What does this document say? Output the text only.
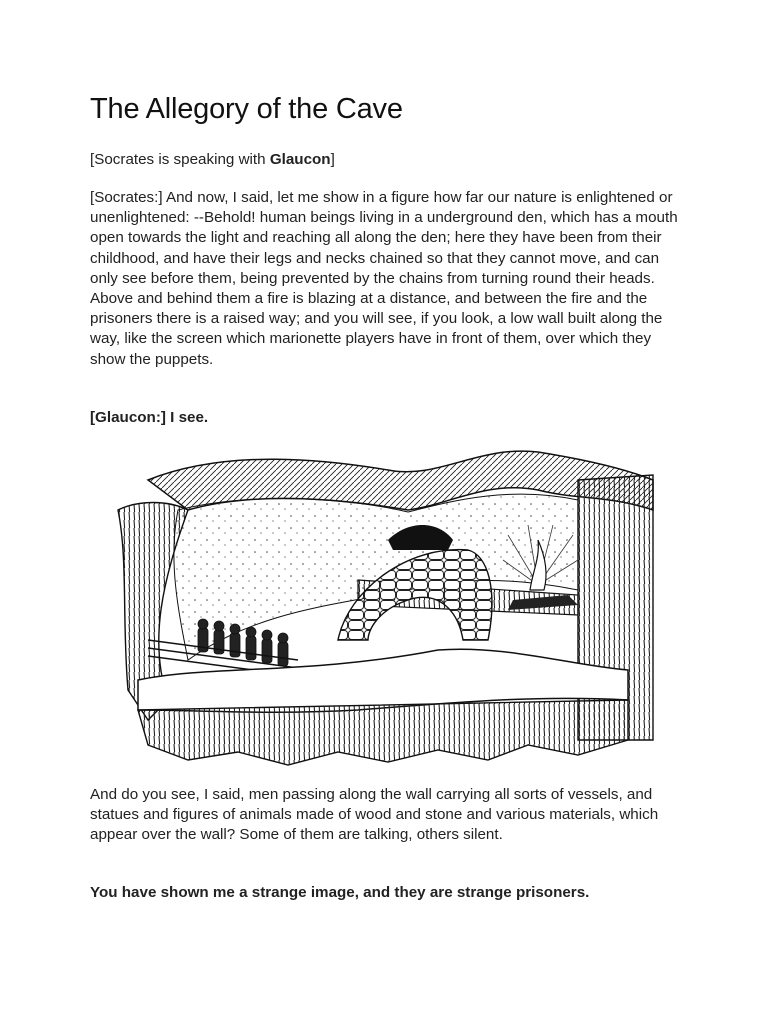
The Allegory of the Cave

[Socrates is speaking with Glaucon]

[Socrates:] And now, I said, let me show in a figure how far our nature is enlightened or unenlightened: --Behold! human beings living in a underground den, which has a mouth open towards the light and reaching all along the den; here they have been from their childhood, and have their legs and necks chained so that they cannot move, and can only see before them, being prevented by the chains from turning round their heads. Above and behind them a fire is blazing at a distance, and between the fire and the prisoners there is a raised way; and you will see, if you look, a low wall built along the way, like the screen which marionette players have in front of them, over which they show the puppets.

[Glaucon:] I see.

And do you see, I said, men passing along the wall carrying all sorts of vessels, and statues and figures of animals made of wood and stone and various materials, which appear over the wall? Some of them are talking, others silent.

You have shown me a strange image, and they are strange prisoners.
